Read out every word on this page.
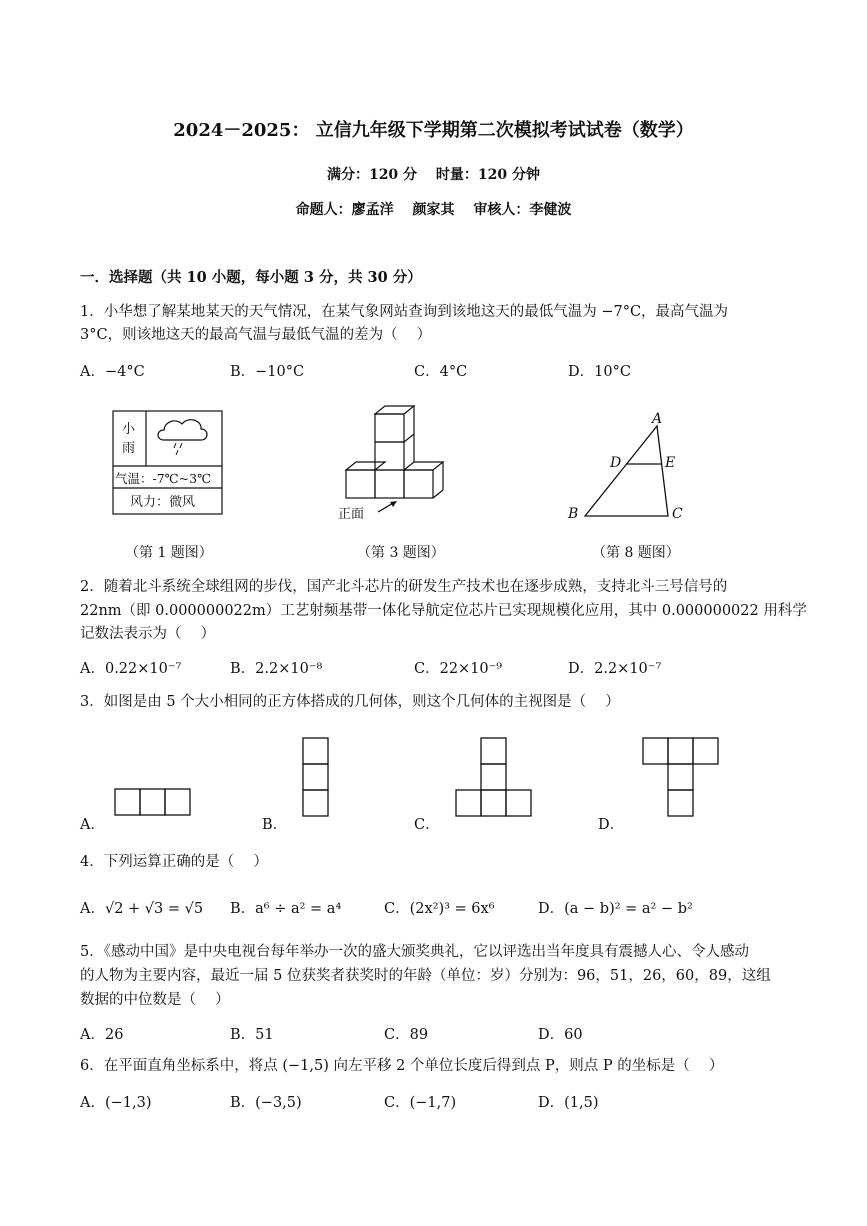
2024－2025： 立信九年级下学期第二次模拟考试试卷（数学）
满分：120 分　 时量：120 分钟
命题人：廖孟洋　 颜家其　 审核人：李健波
一．选择题（共 10 小题，每小题 3 分，共 30 分）
1．小华想了解某地某天的天气情况，在某气象网站查询到该地这天的最低气温为 −7°C，最高气温为
3°C，则该地这天的最高气温与最低气温的差为（　 ）
A．−4°C	B．−10°C	C．4°C	D．10°C
小
雨
气温：-7℃~3℃
风力：微风
（第 1 题图）
正面
（第 3 题图）
A
B	C
D	E
（第 8 题图）
2．随着北斗系统全球组网的步伐，国产北斗芯片的研发生产技术也在逐步成熟，支持北斗三号信号的
22nm（即 0.000000022m）工艺射频基带一体化导航定位芯片已实现规模化应用，其中 0.000000022 用科学
记数法表示为（　 ）
A．0.22×10⁻⁷	B．2.2×10⁻⁸	C．22×10⁻⁹	D．2.2×10⁻⁷
3．如图是由 5 个大小相同的正方体搭成的几何体，则这个几何体的主视图是（　 ）
A．	B．	C．	D．
4．下列运算正确的是（　 ）
A．√2 + √3 = √5 B．a⁶ ÷ a² = a⁴	C．(2x²)³ = 6x⁶	D．(a − b)² = a² − b²
5．《感动中国》是中央电视台每年举办一次的盛大颁奖典礼，它以评选出当年度具有震撼人心、令人感动
的人物为主要内容，最近一届 5 位获奖者获奖时的年龄（单位：岁）分别为：96，51，26，60，89，这组
数据的中位数是（　 ）
A．26	B．51	C．89	D．60
6．在平面直角坐标系中，将点 (−1,5) 向左平移 2 个单位长度后得到点 P，则点 P 的坐标是（　 ）
A．(−1,3)	B．(−3,5)	C．(−1,7)	D．(1,5)
